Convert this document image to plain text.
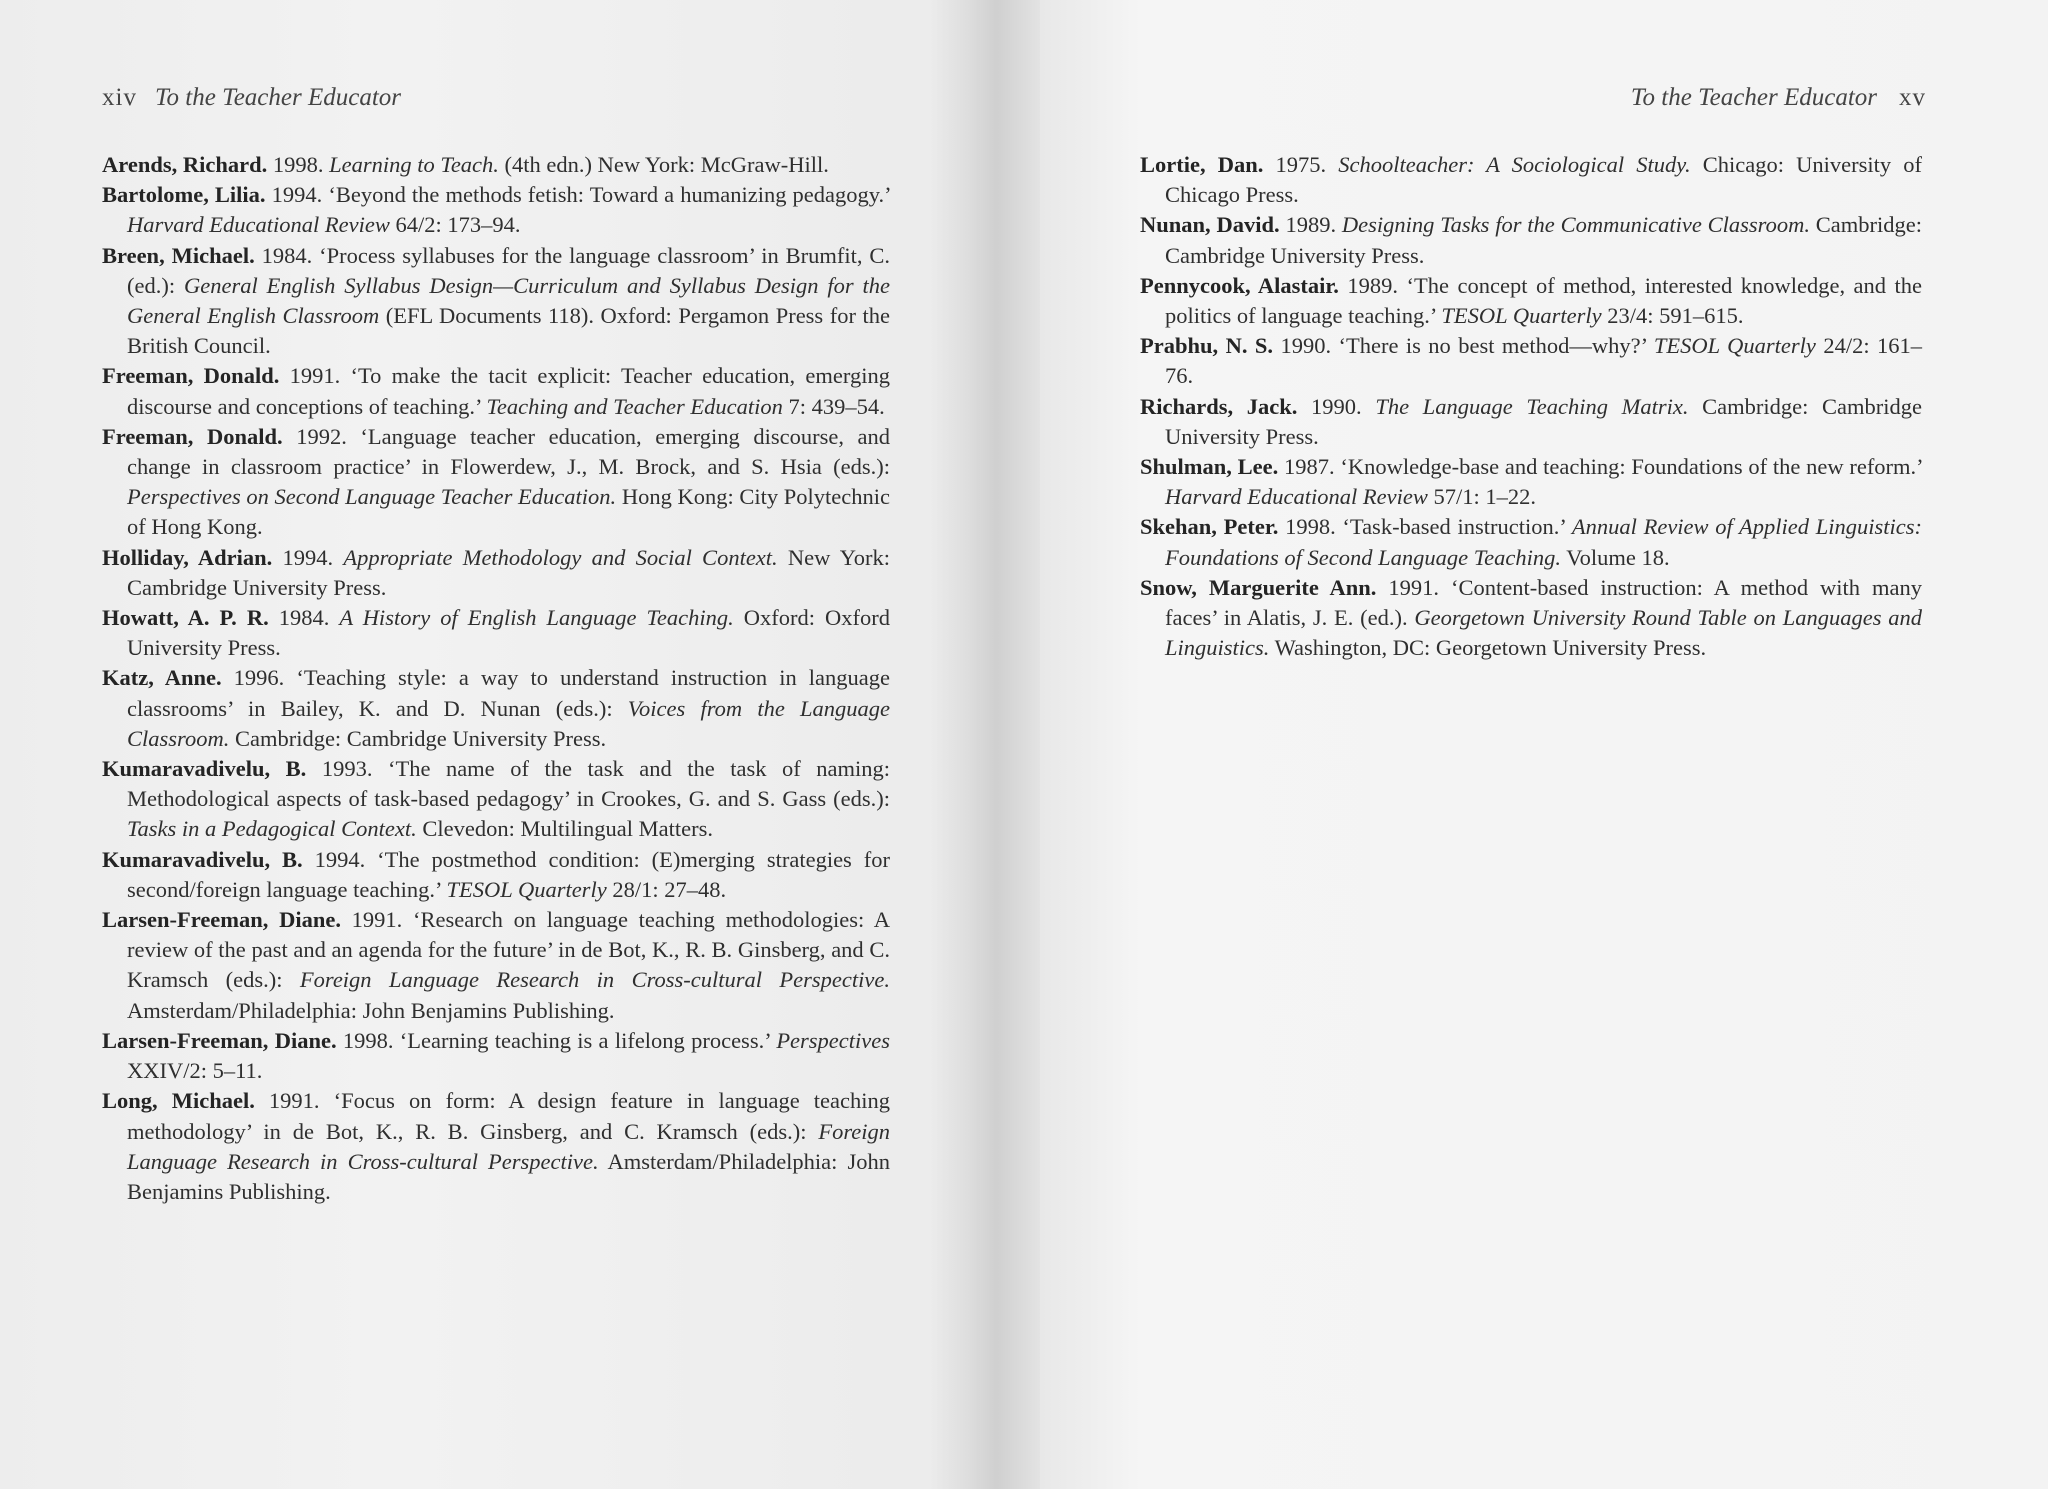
xiv To the Teacher Educator
Arends, Richard. 1998. Learning to Teach. (4th edn.) New York: McGraw-Hill.
Bartolome, Lilia. 1994. ‘Beyond the methods fetish: Toward a humanizing pedagogy.’ Harvard Educational Review 64/2: 173–94.
Breen, Michael. 1984. ‘Process syllabuses for the language classroom’ in Brumfit, C. (ed.): General English Syllabus Design—Curriculum and Syllabus Design for the General English Classroom (EFL Documents 118). Oxford: Pergamon Press for the British Council.
Freeman, Donald. 1991. ‘To make the tacit explicit: Teacher education, emerging discourse and conceptions of teaching.’ Teaching and Teacher Education 7: 439–54.
Freeman, Donald. 1992. ‘Language teacher education, emerging discourse, and change in classroom practice’ in Flowerdew, J., M. Brock, and S. Hsia (eds.): Perspectives on Second Language Teacher Education. Hong Kong: City Polytechnic of Hong Kong.
Holliday, Adrian. 1994. Appropriate Methodology and Social Context. New York: Cambridge University Press.
Howatt, A. P. R. 1984. A History of English Language Teaching. Oxford: Oxford University Press.
Katz, Anne. 1996. ‘Teaching style: a way to understand instruction in language classrooms’ in Bailey, K. and D. Nunan (eds.): Voices from the Language Classroom. Cambridge: Cambridge University Press.
Kumaravadivelu, B. 1993. ‘The name of the task and the task of naming: Methodological aspects of task-based pedagogy’ in Crookes, G. and S. Gass (eds.): Tasks in a Pedagogical Context. Clevedon: Multilingual Matters.
Kumaravadivelu, B. 1994. ‘The postmethod condition: (E)merging strategies for second/foreign language teaching.’ TESOL Quarterly 28/1: 27–48.
Larsen-Freeman, Diane. 1991. ‘Research on language teaching methodologies: A review of the past and an agenda for the future’ in de Bot, K., R. B. Ginsberg, and C. Kramsch (eds.): Foreign Language Research in Cross-cultural Perspective. Amsterdam/Philadelphia: John Benjamins Publishing.
Larsen-Freeman, Diane. 1998. ‘Learning teaching is a lifelong process.’ Perspectives XXIV/2: 5–11.
Long, Michael. 1991. ‘Focus on form: A design feature in language teaching methodology’ in de Bot, K., R. B. Ginsberg, and C. Kramsch (eds.): Foreign Language Research in Cross-cultural Perspective. Amsterdam/Philadelphia: John Benjamins Publishing.
To the Teacher Educator xv
Lortie, Dan. 1975. Schoolteacher: A Sociological Study. Chicago: University of Chicago Press.
Nunan, David. 1989. Designing Tasks for the Communicative Classroom. Cambridge: Cambridge University Press.
Pennycook, Alastair. 1989. ‘The concept of method, interested knowledge, and the politics of language teaching.’ TESOL Quarterly 23/4: 591–615.
Prabhu, N. S. 1990. ‘There is no best method—why?’ TESOL Quarterly 24/2: 161–76.
Richards, Jack. 1990. The Language Teaching Matrix. Cambridge: Cambridge University Press.
Shulman, Lee. 1987. ‘Knowledge-base and teaching: Foundations of the new reform.’ Harvard Educational Review 57/1: 1–22.
Skehan, Peter. 1998. ‘Task-based instruction.’ Annual Review of Applied Linguistics: Foundations of Second Language Teaching. Volume 18.
Snow, Marguerite Ann. 1991. ‘Content-based instruction: A method with many faces’ in Alatis, J. E. (ed.). Georgetown University Round Table on Languages and Linguistics. Washington, DC: Georgetown University Press.
